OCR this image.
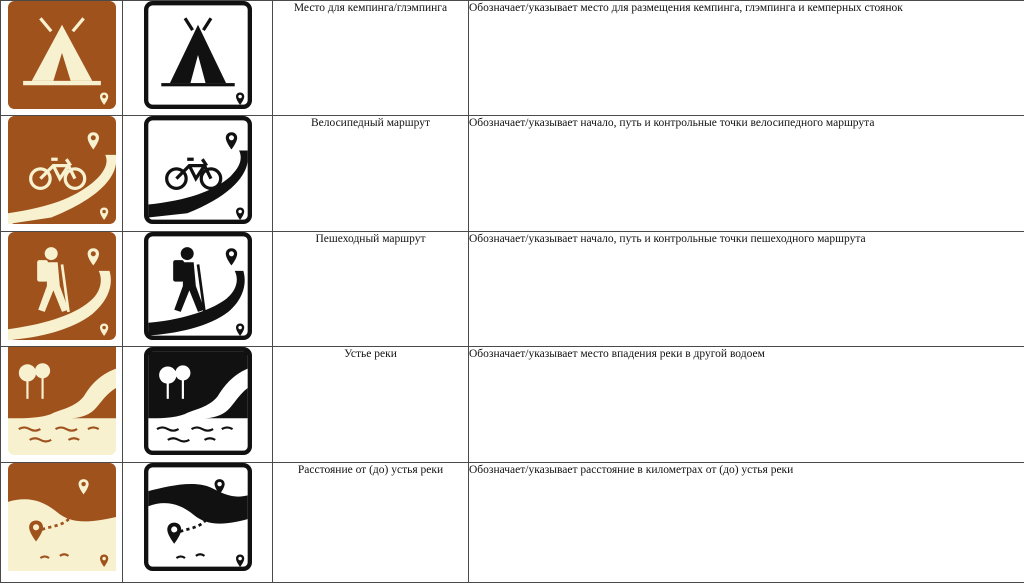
	Место для кемпинга/глэмпинга	Обозначает/указывает место для размещения кемпинга, глэмпинга и кемперных стоянок

	Велосипедный маршрут	Обозначает/указывает начало, путь и контрольные точки велосипедного маршрута

	Пешеходный маршрут	Обозначает/указывает начало, путь и контрольные точки пешеходного маршрута

	Устье реки	Обозначает/указывает место впадения реки в другой водоем

	Расстояние от (до) устья реки	Обозначает/указывает расстояние в километрах от (до) устья реки
